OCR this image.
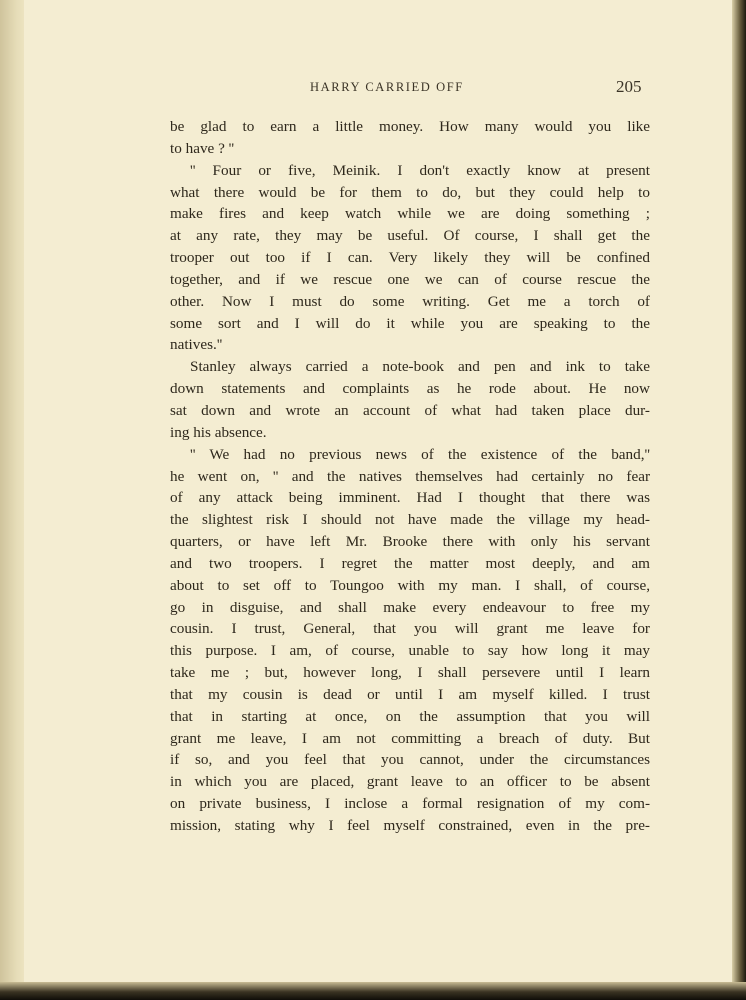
HARRY CARRIED OFF	205
be glad to earn a little money. How many would you like
to have ? ''
'' Four or five, Meinik. I don't exactly know at present
what there would be for them to do, but they could help to
make fires and keep watch while we are doing something ;
at any rate, they may be useful. Of course, I shall get the
trooper out too if I can. Very likely they will be confined
together, and if we rescue one we can of course rescue the
other. Now I must do some writing. Get me a torch of
some sort and I will do it while you are speaking to the
natives.''
Stanley always carried a note-book and pen and ink to take
down statements and complaints as he rode about. He now
sat down and wrote an account of what had taken place dur-
ing his absence.
'' We had no previous news of the existence of the band,''
he went on, '' and the natives themselves had certainly no fear
of any attack being imminent. Had I thought that there was
the slightest risk I should not have made the village my head-
quarters, or have left Mr. Brooke there with only his servant
and two troopers. I regret the matter most deeply, and am
about to set off to Toungoo with my man. I shall, of course,
go in disguise, and shall make every endeavour to free my
cousin. I trust, General, that you will grant me leave for
this purpose. I am, of course, unable to say how long it may
take me ; but, however long, I shall persevere until I learn
that my cousin is dead or until I am myself killed. I trust
that in starting at once, on the assumption that you will
grant me leave, I am not committing a breach of duty. But
if so, and you feel that you cannot, under the circumstances
in which you are placed, grant leave to an officer to be absent
on private business, I inclose a formal resignation of my com-
mission, stating why I feel myself constrained, even in the pre-
